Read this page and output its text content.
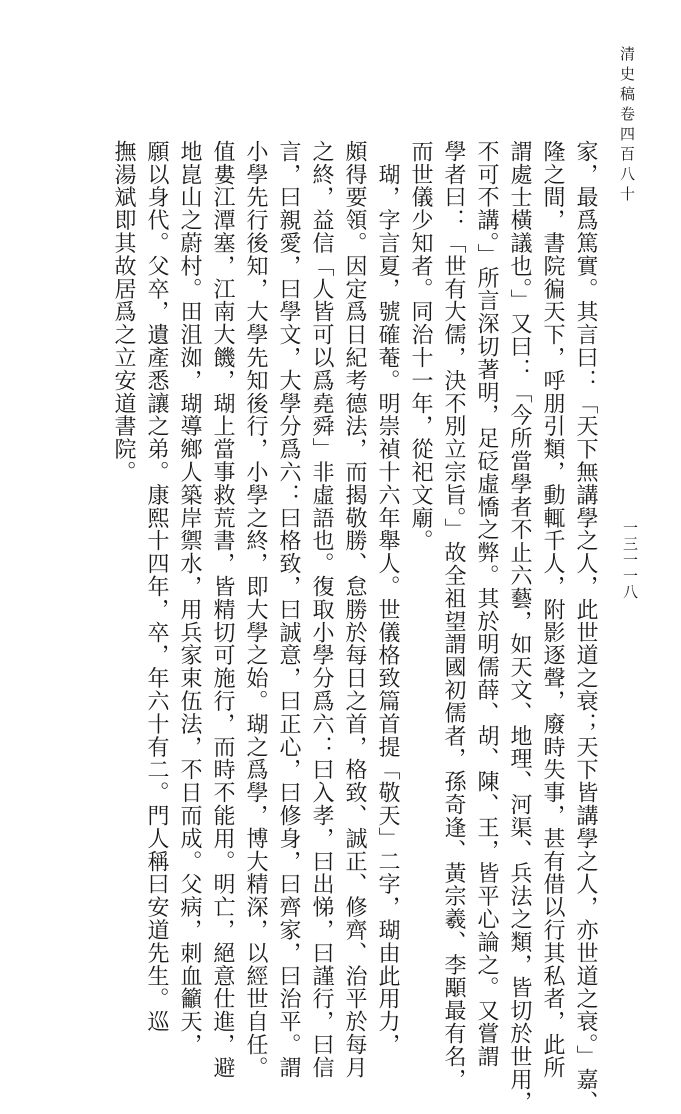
清史稿卷四百八十
一三一一八
家，最爲篤實。其言曰：「天下無講學之人，此世道之衰；天下皆講學之人，亦世道之衰。」嘉、
隆之間，書院徧天下，呼朋引類，動輒千人，附影逐聲，廢時失事，甚有借以行其私者，此所
謂處士橫議也。」又曰：「今所當學者不止六藝，如天文、地理、河渠、兵法之類，皆切於世用，
不可不講。」所言深切著明，足砭虛憍之弊。其於明儒薛、胡、陳、王，皆平心論之。又嘗謂
學者曰：「世有大儒，決不別立宗旨。」故全祖望謂國初儒者，孫奇逢、黃宗羲、李顒最有名，
而世儀少知者。同治十一年，從祀文廟。
　瑚，字言夏，號確菴。明崇禎十六年舉人。世儀格致篇首提「敬天」二字，瑚由此用力，
頗得要領。因定爲日紀考德法，而揭敬勝、怠勝於每日之首，格致、誠正、修齊、治平於每月
之終，益信「人皆可以爲堯舜」非虛語也。復取小學分爲六：曰入孝，曰出悌，曰謹行，曰信
言，曰親愛，曰學文，大學分爲六：曰格致，曰誠意，曰正心，曰修身，曰齊家，曰治平。謂
小學先行後知，大學先知後行，小學之終，即大學之始。瑚之爲學，博大精深，以經世自任。
值婁江潭塞，江南大饑，瑚上當事救荒書，皆精切可施行，而時不能用。明亡，絕意仕進，避
地崑山之蔚村。田沮洳，瑚導鄉人築岸禦水，用兵家束伍法，不日而成。父病，刺血籲天，
願以身代。父卒，遺產悉讓之弟。康熙十四年，卒，年六十有二。門人稱曰安道先生。巡
撫湯斌即其故居爲之立安道書院。
